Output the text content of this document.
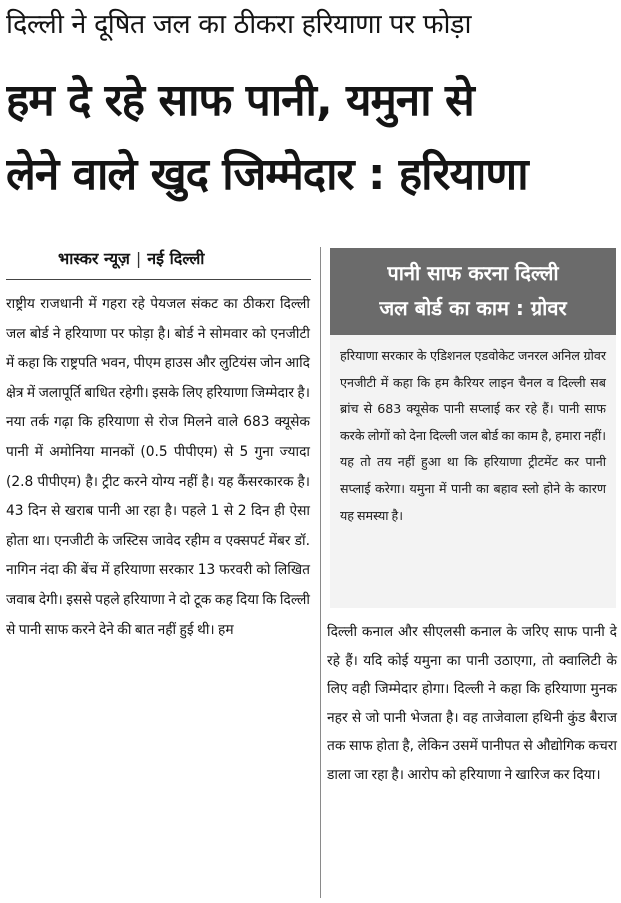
दिल्ली ने दूषित जल का ठीकरा हरियाणा पर फोड़ा
हम दे रहे साफ पानी, यमुना से
लेने वाले खुद जिम्मेदार : हरियाणा
भास्कर न्यूज़ | नई दिल्ली
राष्ट्रीय राजधानी में गहरा रहे पेयजल संकट का ठीकरा दिल्ली जल बोर्ड ने हरियाणा पर फोड़ा है। बोर्ड ने सोमवार को एनजीटी में कहा कि राष्ट्रपति भवन, पीएम हाउस और लुटियंस जोन आदि क्षेत्र में जलापूर्ति बाधित रहेगी। इसके लिए हरियाणा जिम्मेदार है। नया तर्क गढ़ा कि हरियाणा से रोज मिलने वाले 683 क्यूसेक पानी में अमोनिया मानकों (0.5 पीपीएम) से 5 गुना ज्यादा (2.8 पीपीएम) है। ट्रीट करने योग्य नहीं है। यह कैंसरकारक है। 43 दिन से खराब पानी आ रहा है। पहले 1 से 2 दिन ही ऐसा होता था। एनजीटी के जस्टिस जावेद रहीम व एक्सपर्ट मेंबर डॉ. नागिन नंदा की बेंच में हरियाणा सरकार 13 फरवरी को लिखित जवाब देगी। इससे पहले हरियाणा ने दो टूक कह दिया कि दिल्ली से पानी साफ करने देने की बात नहीं हुई थी। हम
पानी साफ करना दिल्ली
जल बोर्ड का काम : ग्रोवर
हरियाणा सरकार के एडिशनल एडवोकेट जनरल अनिल ग्रोवर एनजीटी में कहा कि हम कैरियर लाइन चैनल व दिल्ली सब ब्रांच से 683 क्यूसेक पानी सप्लाई कर रहे हैं। पानी साफ करके लोगों को देना दिल्ली जल बोर्ड का काम है, हमारा नहीं। यह तो तय नहीं हुआ था कि हरियाणा ट्रीटमेंट कर पानी सप्लाई करेगा। यमुना में पानी का बहाव स्लो होने के कारण यह समस्या है।
दिल्ली कनाल और सीएलसी कनाल के जरिए साफ पानी दे रहे हैं। यदि कोई यमुना का पानी उठाएगा, तो क्वालिटी के लिए वही जिम्मेदार होगा। दिल्ली ने कहा कि हरियाणा मुनक नहर से जो पानी भेजता है। वह ताजेवाला हथिनी कुंड बैराज तक साफ होता है, लेकिन उसमें पानीपत से औद्योगिक कचरा डाला जा रहा है। आरोप को हरियाणा ने खारिज कर दिया।
